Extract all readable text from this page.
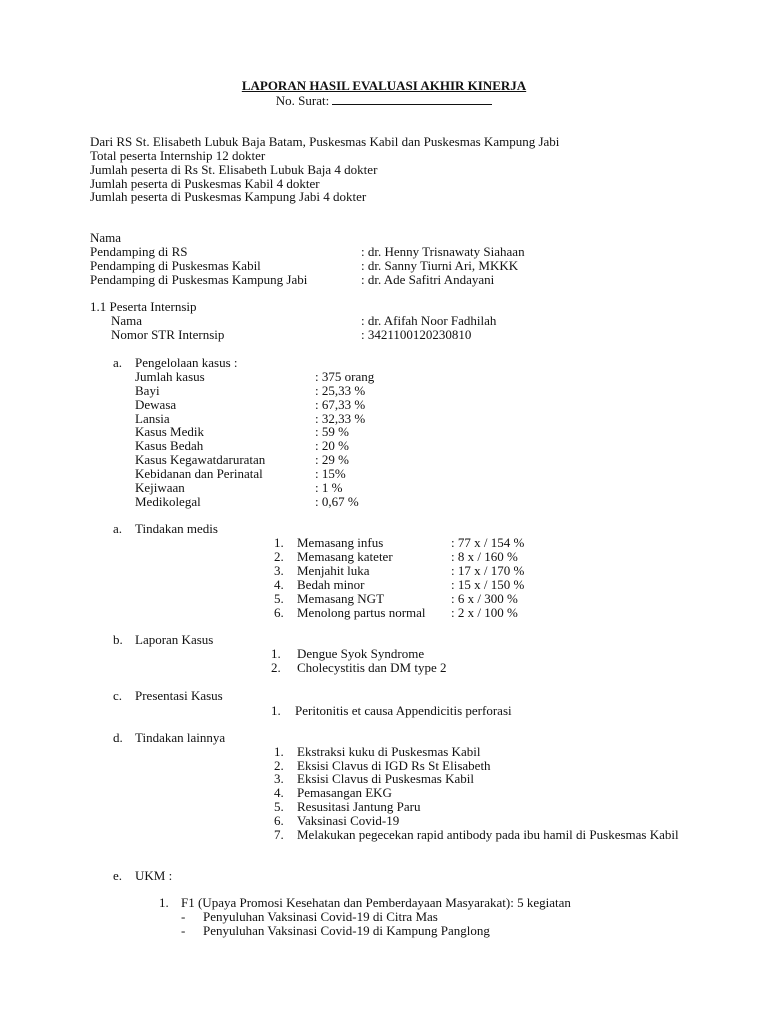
LAPORAN HASIL EVALUASI AKHIR KINERJA
No. Surat:
Dari RS St. Elisabeth Lubuk Baja Batam, Puskesmas Kabil dan Puskesmas Kampung Jabi
Total peserta Internship 12 dokter
Jumlah peserta di Rs St. Elisabeth Lubuk Baja 4 dokter
Jumlah peserta di Puskesmas Kabil 4 dokter
Jumlah peserta di Puskesmas Kampung Jabi 4 dokter
Nama
Pendamping di RS	: dr. Henny Trisnawaty Siahaan
Pendamping di Puskesmas Kabil	: dr. Sanny Tiurni Ari, MKKK
Pendamping di Puskesmas Kampung Jabi	: dr. Ade Safitri Andayani
1.1 Peserta Internsip
Nama	: dr. Afifah Noor Fadhilah
Nomor STR Internsip	: 3421100120230810
a. Pengelolaan kasus :
Jumlah kasus	: 375 orang
Bayi	: 25,33 %
Dewasa	: 67,33 %
Lansia	: 32,33 %
Kasus Medik	: 59 %
Kasus Bedah	: 20 %
Kasus Kegawatdaruratan	: 29 %
Kebidanan dan Perinatal	: 15%
Kejiwaan	: 1 %
Medikolegal	: 0,67 %
a. Tindakan medis
1. Memasang infus	: 77 x / 154 %
2. Memasang kateter	: 8 x / 160 %
3. Menjahit luka	: 17 x / 170 %
4. Bedah minor	: 15 x / 150 %
5. Memasang NGT	: 6 x / 300 %
6. Menolong partus normal : 2 x / 100 %
b. Laporan Kasus
1. Dengue Syok Syndrome
2. Cholecystitis dan DM type 2
c. Presentasi Kasus
1. Peritonitis et causa Appendicitis perforasi
d. Tindakan lainnya
1. Ekstraksi kuku di Puskesmas Kabil
2. Eksisi Clavus di IGD Rs St Elisabeth
3. Eksisi Clavus di Puskesmas Kabil
4. Pemasangan EKG
5. Resusitasi Jantung Paru
6. Vaksinasi Covid-19
7. Melakukan pegecekan rapid antibody pada ibu hamil di Puskesmas Kabil
e. UKM :
1. F1 (Upaya Promosi Kesehatan dan Pemberdayaan Masyarakat): 5 kegiatan
- Penyuluhan Vaksinasi Covid-19 di Citra Mas
- Penyuluhan Vaksinasi Covid-19 di Kampung Panglong
